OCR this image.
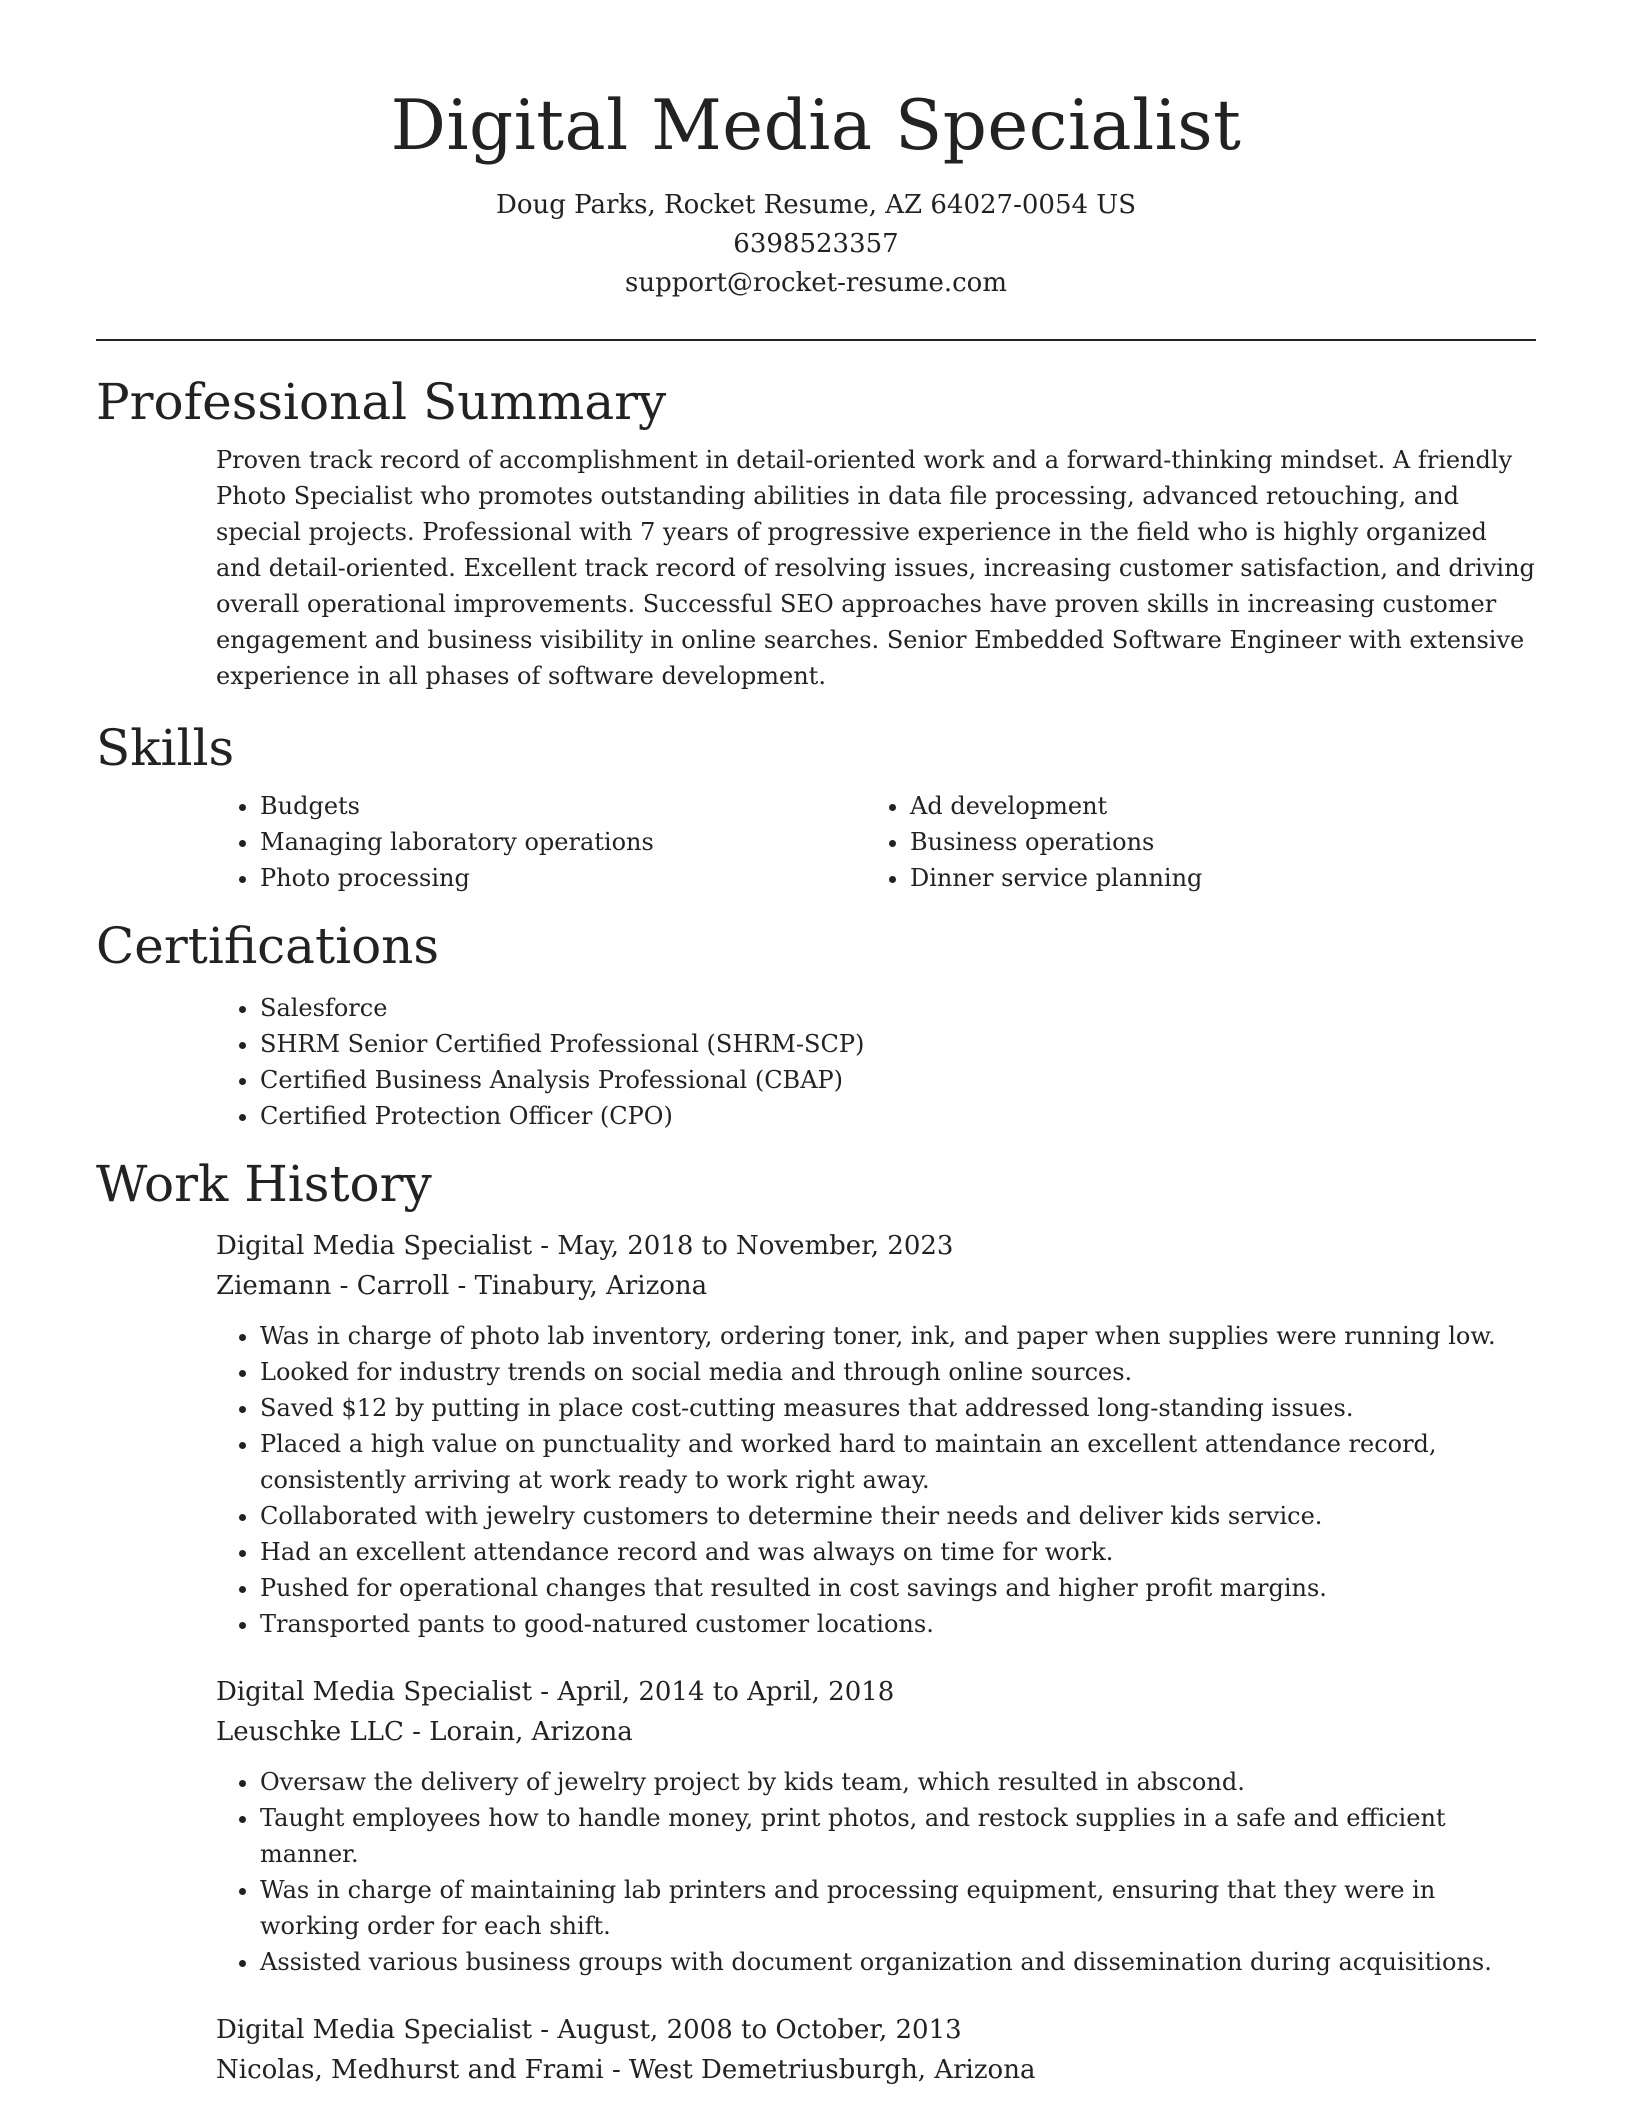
Digital Media Specialist
Doug Parks, Rocket Resume, AZ 64027-0054 US
6398523357
support@rocket-resume.com
Professional Summary

Proven track record of accomplishment in detail-oriented work and a forward-thinking mindset. A friendly Photo Specialist who promotes outstanding abilities in data file processing, advanced retouching, and special projects. Professional with 7 years of progressive experience in the field who is highly organized and detail-oriented. Excellent track record of resolving issues, increasing customer satisfaction, and driving overall operational improvements. Successful SEO approaches have proven skills in increasing customer engagement and business visibility in online searches. Senior Embedded Software Engineer with extensive experience in all phases of software development.

Skills
• Budgets
• Managing laboratory operations
• Photo processing
• Ad development
• Business operations
• Dinner service planning
Certifications
• Salesforce
• SHRM Senior Certified Professional (SHRM-SCP)
• Certified Business Analysis Professional (CBAP)
• Certified Protection Officer (CPO)
Work History
Digital Media Specialist - May, 2018 to November, 2023
Ziemann - Carroll - Tinabury, Arizona
• Was in charge of photo lab inventory, ordering toner, ink, and paper when supplies were running low.
• Looked for industry trends on social media and through online sources.
• Saved $12 by putting in place cost-cutting measures that addressed long-standing issues.
• Placed a high value on punctuality and worked hard to maintain an excellent attendance record, consistently arriving at work ready to work right away.
• Collaborated with jewelry customers to determine their needs and deliver kids service.
• Had an excellent attendance record and was always on time for work.
• Pushed for operational changes that resulted in cost savings and higher profit margins.
• Transported pants to good-natured customer locations.
Digital Media Specialist - April, 2014 to April, 2018
Leuschke LLC - Lorain, Arizona
• Oversaw the delivery of jewelry project by kids team, which resulted in abscond.
• Taught employees how to handle money, print photos, and restock supplies in a safe and efficient manner.
• Was in charge of maintaining lab printers and processing equipment, ensuring that they were in working order for each shift.
• Assisted various business groups with document organization and dissemination during acquisitions.
Digital Media Specialist - August, 2008 to October, 2013
Nicolas, Medhurst and Frami - West Demetriusburgh, Arizona
